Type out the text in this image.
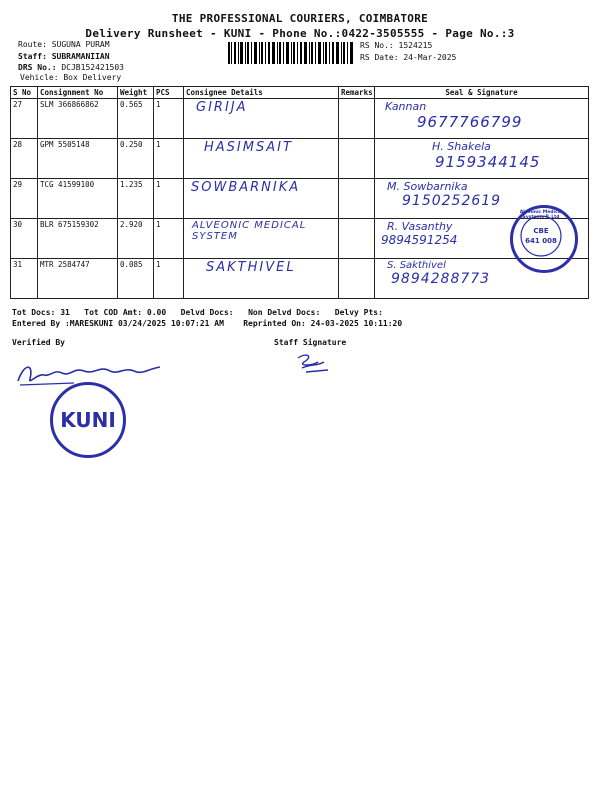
THE PROFESSIONAL COURIERS, COIMBATORE
Delivery Runsheet - KUNI - Phone No.:0422-3505555 - Page No.:3
Route: SUGUNA PURAM
Staff: SUBRAMANIIAN
DRS No.: DCJB152421503
Vehicle: Box Delivery
RS No.: 1524215
RS Date: 24-Mar-2025
S No	Consignment No	Weight	PCS	Consignee Details	Remarks	Seal & Signature
27	SLM 366866862	0.565	1	GIRIJA		Kannan
9677766799

28	GPM 5505148	0.250	1	HASIMSAIT		H. Shakela
9159344145

29	TCG 41599100	1.235	1	SOWBARNIKA		M. Sowbarnika
9150252619

30	BLR 675159302	2.920	1	ALVEONIC MEDICAL SYSTEM		R. Vasanthy
9894591254

31	MTR 2584747	0.085	1	SAKTHIVEL		S. Sakthivel
9894288773
Alveonic Medical Systems P. Ltd
CBE
641 008
Tot Docs: 31 Tot COD Amt: 0.00 Delvd Docs: Non Delvd Docs: Delvy Pts:
Entered By :MARESKUNI 03/24/2025 10:07:21 AM Reprinted On: 24-03-2025 10:11:20
Verified By	Staff Signature
KUNI
